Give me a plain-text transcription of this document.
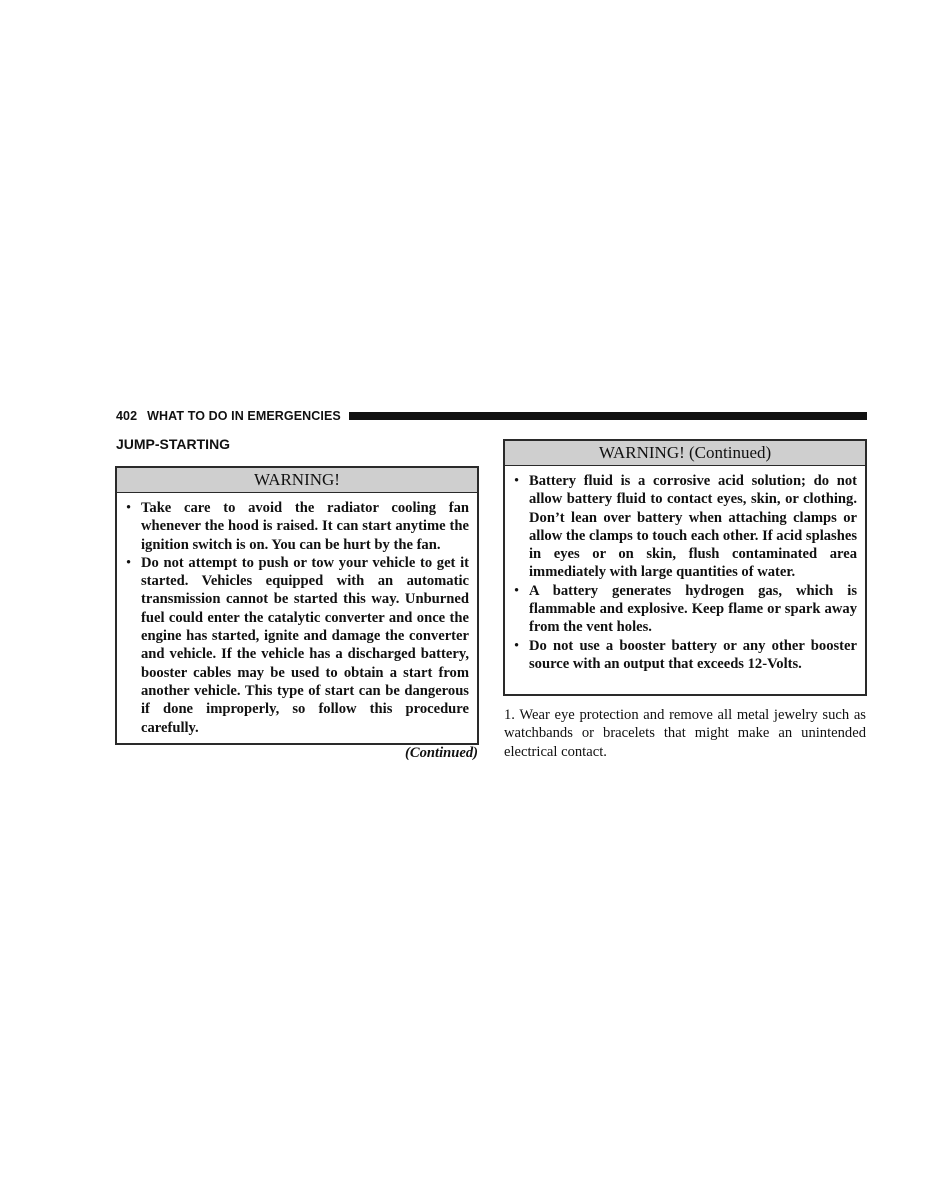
402 WHAT TO DO IN EMERGENCIES
JUMP-STARTING
WARNING!
• Take care to avoid the radiator cooling fan whenever the hood is raised. It can start anytime the ignition switch is on. You can be hurt by the fan.
• Do not attempt to push or tow your vehicle to get it started. Vehicles equipped with an automatic transmission cannot be started this way. Unburned fuel could enter the catalytic converter and once the engine has started, ignite and damage the converter and vehicle. If the vehicle has a discharged battery, booster cables may be used to obtain a start from another vehicle. This type of start can be dangerous if done improperly, so follow this procedure carefully.
(Continued)
WARNING! (Continued)
• Battery fluid is a corrosive acid solution; do not allow battery fluid to contact eyes, skin, or clothing. Don’t lean over battery when attaching clamps or allow the clamps to touch each other. If acid splashes in eyes or on skin, flush contaminated area immediately with large quantities of water.
• A battery generates hydrogen gas, which is flammable and explosive. Keep flame or spark away from the vent holes.
• Do not use a booster battery or any other booster source with an output that exceeds 12-Volts.
1. Wear eye protection and remove all metal jewelry such as watchbands or bracelets that might make an unintended electrical contact.
